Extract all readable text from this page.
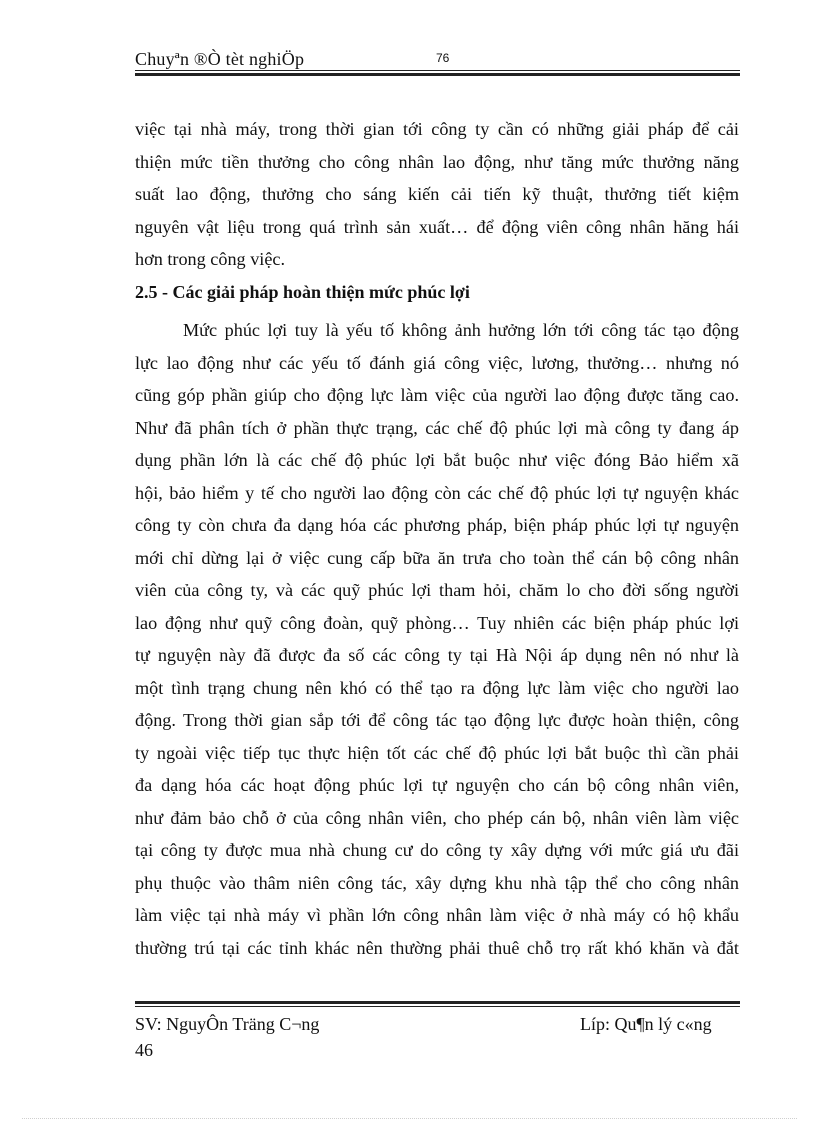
Chuyªn ®Ò tèt nghiÖp	76
việc tại nhà máy, trong thời gian tới công ty cần có những giải pháp để cải
thiện mức tiền thưởng cho công nhân lao động, như tăng mức thưởng năng
suất lao động, thưởng cho sáng kiến cải tiến kỹ thuật, thưởng tiết kiệm
nguyên vật liệu trong quá trình sản xuất… để động viên công nhân hăng hái
hơn trong công việc.
2.5 - Các giải pháp hoàn thiện mức phúc lợi
Mức phúc lợi tuy là yếu tố không ảnh hưởng lớn tới công tác tạo động
lực lao động như các yếu tố đánh giá công việc, lương, thưởng… nhưng nó
cũng góp phần giúp cho động lực làm việc của người lao động được tăng cao.
Như đã phân tích ở phần thực trạng, các chế độ phúc lợi mà công ty đang áp
dụng phần lớn là các chế độ phúc lợi bắt buộc như việc đóng Bảo hiểm xã
hội, bảo hiểm y tế cho người lao động còn các chế độ phúc lợi tự nguyện khác
công ty còn chưa đa dạng hóa các phương pháp, biện pháp phúc lợi tự nguyện
mới chỉ dừng lại ở việc cung cấp bữa ăn trưa cho toàn thể cán bộ công nhân
viên của công ty, và các quỹ phúc lợi tham hỏi, chăm lo cho đời sống người
lao động như quỹ công đoàn, quỹ phòng… Tuy nhiên các biện pháp phúc lợi
tự nguyện này đã được đa số các công ty tại Hà Nội áp dụng nên nó như là
một tình trạng chung nên khó có thể tạo ra động lực làm việc cho người lao
động. Trong thời gian sắp tới để công tác tạo động lực được hoàn thiện, công
ty ngoài việc tiếp tục thực hiện tốt các chế độ phúc lợi bắt buộc thì cần phải
đa dạng hóa các hoạt động phúc lợi tự nguyện cho cán bộ công nhân viên,
như đảm bảo chỗ ở của công nhân viên, cho phép cán bộ, nhân viên làm việc
tại công ty được mua nhà chung cư do công ty xây dựng với mức giá ưu đãi
phụ thuộc vào thâm niên công tác, xây dựng khu nhà tập thể cho công nhân
làm việc tại nhà máy vì phần lớn công nhân làm việc ở nhà máy có hộ khẩu
thường trú tại các tỉnh khác nên thường phải thuê chỗ trọ rất khó khăn và đắt
SV: NguyÔn Träng C¬ng	Líp: Qu¶n lý c«ng
46
